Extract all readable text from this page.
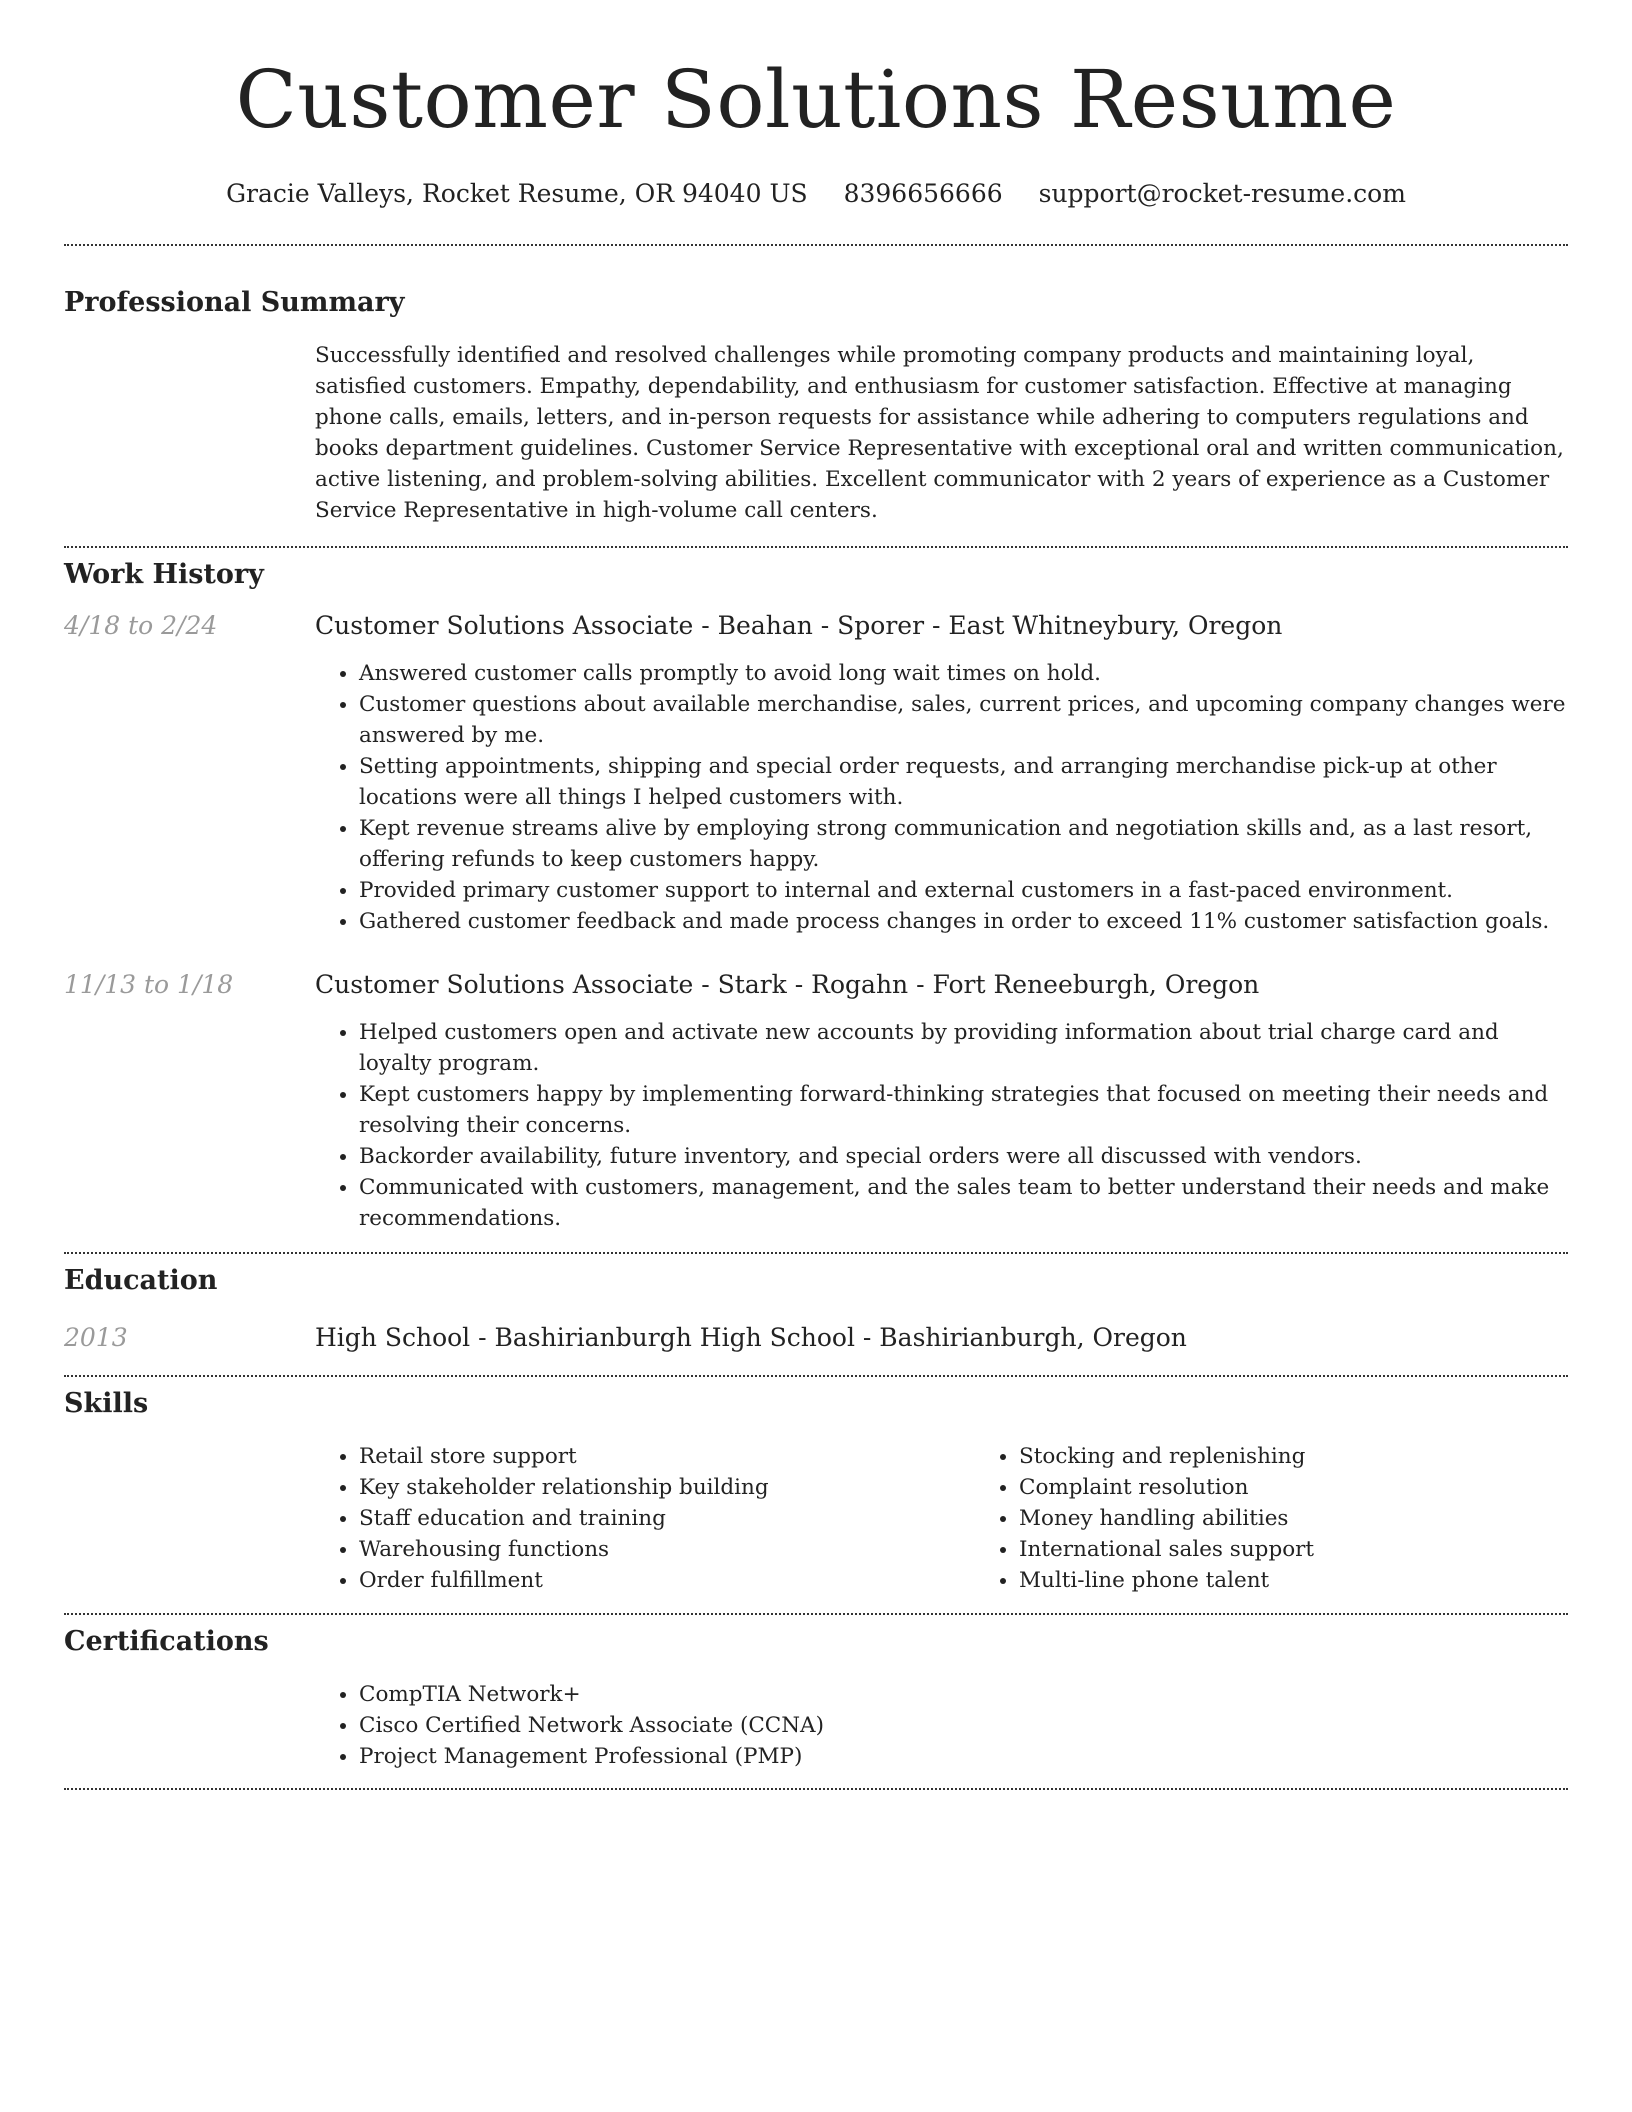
Customer Solutions Resume
Gracie Valleys, Rocket Resume, OR 94040 US 8396656666 support@rocket-resume.com
Professional Summary

Successfully identified and resolved challenges while promoting company products and maintaining loyal, satisfied customers. Empathy, dependability, and enthusiasm for customer satisfaction. Effective at managing phone calls, emails, letters, and in-person requests for assistance while adhering to computers regulations and books department guidelines. Customer Service Representative with exceptional oral and written communication, active listening, and problem-solving abilities. Excellent communicator with 2 years of experience as a Customer Service Representative in high-volume call centers.

Work History
4/18 to 2/24	Customer Solutions Associate - Beahan - Sporer - East Whitneybury, Oregon
• Answered customer calls promptly to avoid long wait times on hold.
• Customer questions about available merchandise, sales, current prices, and upcoming company changes were answered by me.
• Setting appointments, shipping and special order requests, and arranging merchandise pick-up at other locations were all things I helped customers with.
• Kept revenue streams alive by employing strong communication and negotiation skills and, as a last resort, offering refunds to keep customers happy.
• Provided primary customer support to internal and external customers in a fast-paced environment.
• Gathered customer feedback and made process changes in order to exceed 11% customer satisfaction goals.
11/13 to 1/18	Customer Solutions Associate - Stark - Rogahn - Fort Reneeburgh, Oregon
• Helped customers open and activate new accounts by providing information about trial charge card and loyalty program.
• Kept customers happy by implementing forward-thinking strategies that focused on meeting their needs and resolving their concerns.
• Backorder availability, future inventory, and special orders were all discussed with vendors.
• Communicated with customers, management, and the sales team to better understand their needs and make recommendations.
Education
2013	High School - Bashirianburgh High School - Bashirianburgh, Oregon
Skills
• Retail store support
• Key stakeholder relationship building
• Staff education and training
• Warehousing functions
• Order fulfillment
• Stocking and replenishing
• Complaint resolution
• Money handling abilities
• International sales support
• Multi-line phone talent
Certifications
• CompTIA Network+
• Cisco Certified Network Associate (CCNA)
• Project Management Professional (PMP)
